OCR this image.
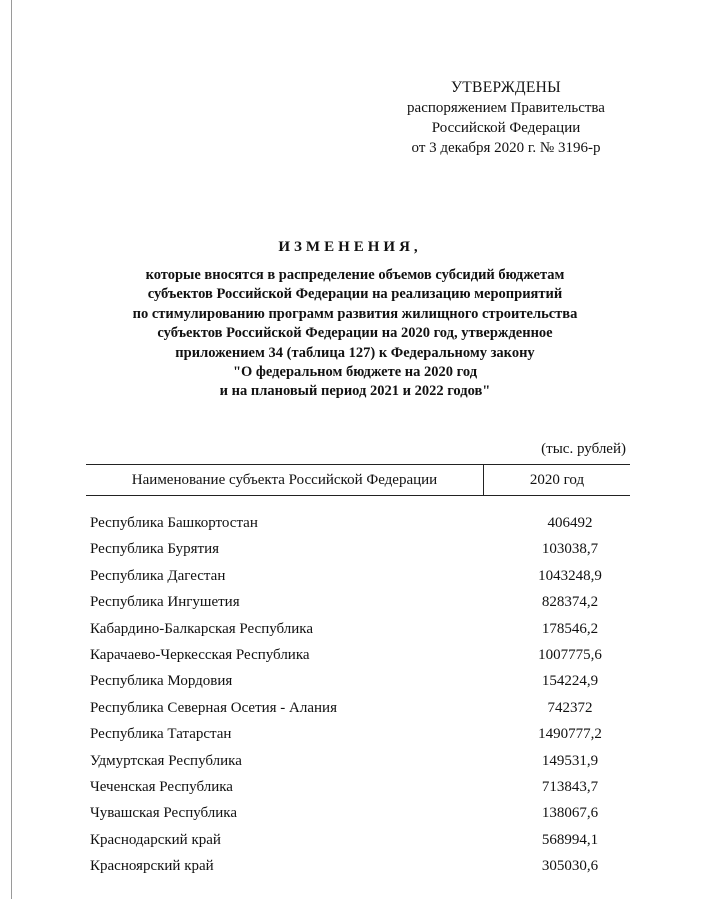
УТВЕРЖДЕНЫ
распоряжением Правительства
Российской Федерации
от 3 декабря 2020 г. № 3196-р
ИЗМЕНЕНИЯ,
которые вносятся в распределение объемов субсидий бюджетам
субъектов Российской Федерации на реализацию мероприятий
по стимулированию программ развития жилищного строительства
субъектов Российской Федерации на 2020 год, утвержденное
приложением 34 (таблица 127) к Федеральному закону
"О федеральном бюджете на 2020 год
и на плановый период 2021 и 2022 годов"
(тыс. рублей)
Наименование субъекта Российской Федерации	2020 год
Республика Башкортостан	406492
Республика Бурятия	103038,7
Республика Дагестан	1043248,9
Республика Ингушетия	828374,2
Кабардино-Балкарская Республика	178546,2
Карачаево-Черкесская Республика	1007775,6
Республика Мордовия	154224,9
Республика Северная Осетия - Алания	742372
Республика Татарстан	1490777,2
Удмуртская Республика	149531,9
Чеченская Республика	713843,7
Чувашская Республика	138067,6
Краснодарский край	568994,1
Красноярский край	305030,6
